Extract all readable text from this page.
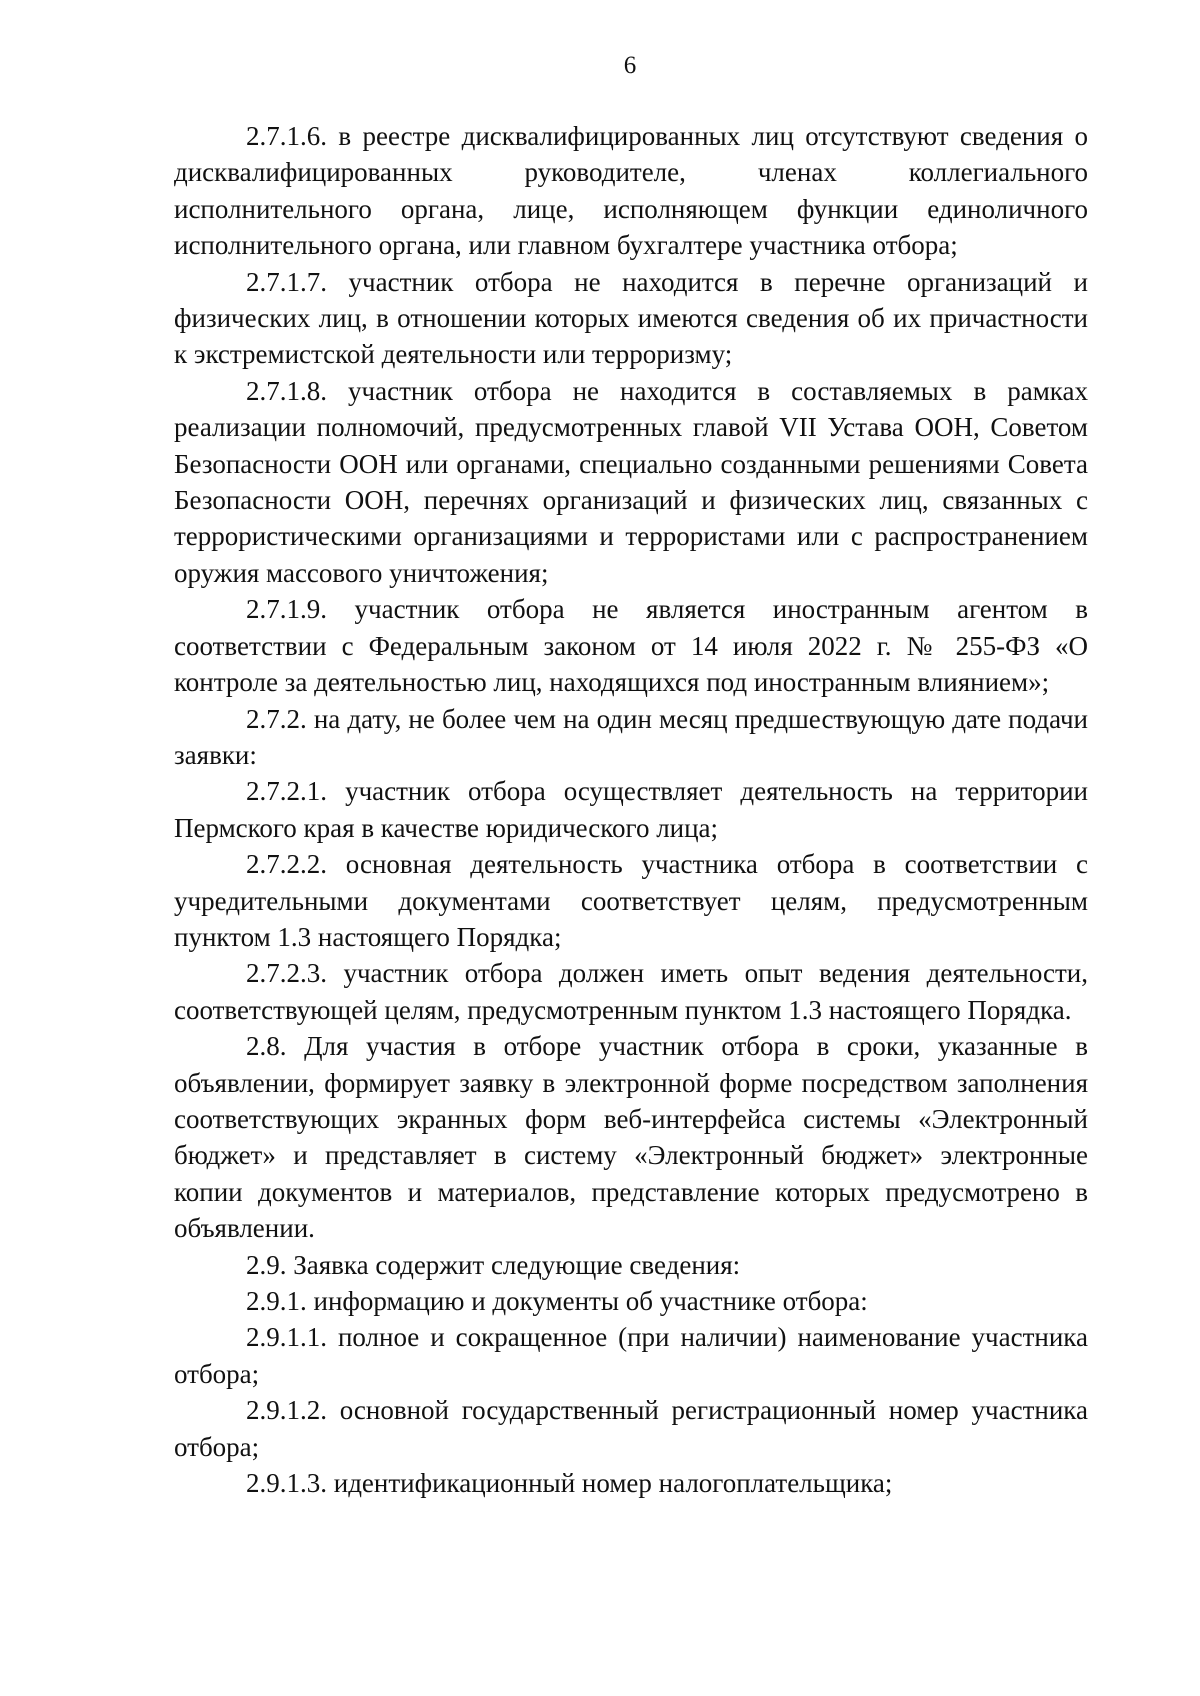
6

2.7.1.6. в реестре дисквалифицированных лиц отсутствуют сведения о дисквалифицированных руководителе, членах коллегиального исполнительного органа, лице, исполняющем функции единоличного исполнительного органа, или главном бухгалтере участника отбора;

2.7.1.7. участник отбора не находится в перечне организаций и физических лиц, в отношении которых имеются сведения об их причастности к экстремистской деятельности или терроризму;

2.7.1.8. участник отбора не находится в составляемых в рамках реализации полномочий, предусмотренных главой VII Устава ООН, Советом Безопасности ООН или органами, специально созданными решениями Совета Безопасности ООН, перечнях организаций и физических лиц, связанных с террористическими организациями и террористами или с распространением оружия массового уничтожения;

2.7.1.9. участник отбора не является иностранным агентом в соответствии с Федеральным законом от 14 июля 2022 г. № 255-ФЗ «О контроле за деятельностью лиц, находящихся под иностранным влиянием»;

2.7.2. на дату, не более чем на один месяц предшествующую дате подачи заявки:

2.7.2.1. участник отбора осуществляет деятельность на территории Пермского края в качестве юридического лица;

2.7.2.2. основная деятельность участника отбора в соответствии с учредительными документами соответствует целям, предусмотренным пунктом 1.3 настоящего Порядка;

2.7.2.3. участник отбора должен иметь опыт ведения деятельности, соответствующей целям, предусмотренным пунктом 1.3 настоящего Порядка.

2.8. Для участия в отборе участник отбора в сроки, указанные в объявлении, формирует заявку в электронной форме посредством заполнения соответствующих экранных форм веб-интерфейса системы «Электронный бюджет» и представляет в систему «Электронный бюджет» электронные копии документов и материалов, представление которых предусмотрено в объявлении.

2.9. Заявка содержит следующие сведения:

2.9.1. информацию и документы об участнике отбора:

2.9.1.1. полное и сокращенное (при наличии) наименование участника отбора;

2.9.1.2. основной государственный регистрационный номер участника отбора;

2.9.1.3. идентификационный номер налогоплательщика;
